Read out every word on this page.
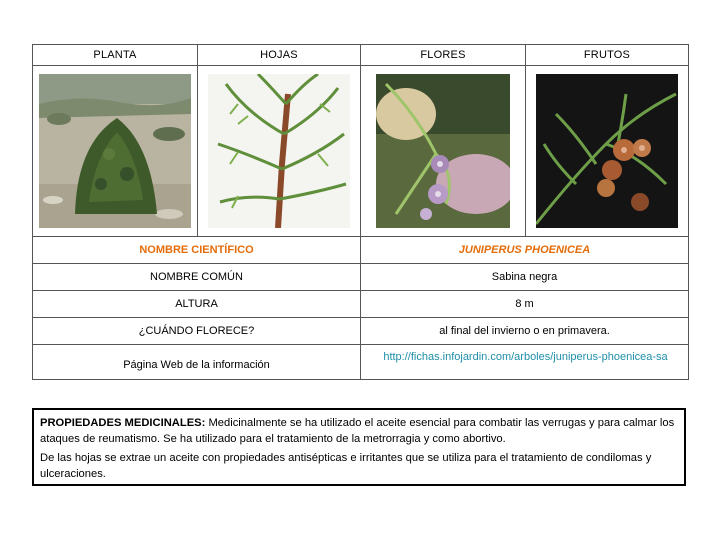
PLANTA	HOJAS	FLORES	FRUTOS

NOMBRE CIENTÍFICO		JUNIPERUS PHOENICEA	
NOMBRE COMÚN		Sabina negra	
ALTURA		8 m	
¿CUÁNDO FLORECE?		al final del invierno o en primavera.	

Página Web de la información		http://fichas.infojardin.com/arboles/juniperus-phoenicea-sa	

PROPIEDADES MEDICINALES: Medicinalmente se ha utilizado el aceite esencial para combatir las verrugas y para calmar los ataques de reumatismo. Se ha utilizado para el tratamiento de la metrorragia y como abortivo.

De las hojas se extrae un aceite con propiedades antisépticas e irritantes que se utiliza para el tratamiento de condilomas y ulceraciones.
